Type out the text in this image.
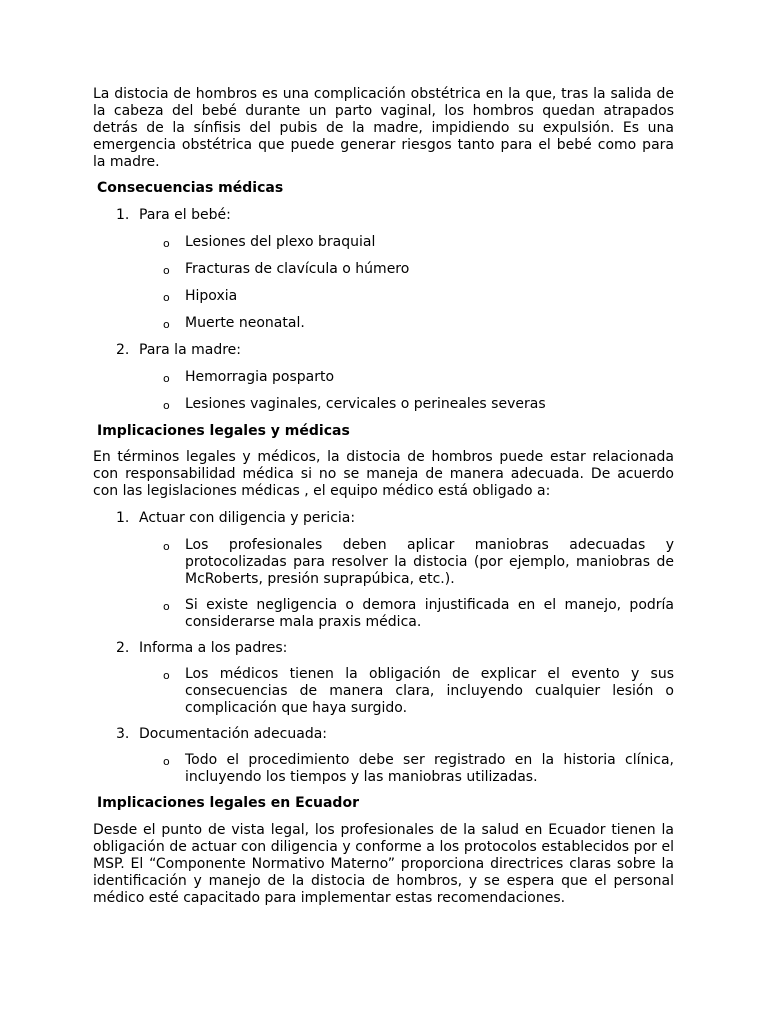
La distocia de hombros es una complicación obstétrica en la que, tras la salida de la cabeza del bebé durante un parto vaginal, los hombros quedan atrapados detrás de la sínfisis del pubis de la madre, impidiendo su expulsión. Es una emergencia obstétrica que puede generar riesgos tanto para el bebé como para la madre.

Consecuencias médicas

1. Para el bebé:

o Lesiones del plexo braquial

o Fracturas de clavícula o húmero

o Hipoxia

o Muerte neonatal.

2. Para la madre:

o Hemorragia posparto

o Lesiones vaginales, cervicales o perineales severas

Implicaciones legales y médicas

En términos legales y médicos, la distocia de hombros puede estar relacionada con responsabilidad médica si no se maneja de manera adecuada. De acuerdo con las legislaciones médicas , el equipo médico está obligado a:

1. Actuar con diligencia y pericia:

o Los profesionales deben aplicar maniobras adecuadas y protocolizadas para resolver la distocia (por ejemplo, maniobras de McRoberts, presión suprapúbica, etc.).

o Si existe negligencia o demora injustificada en el manejo, podría considerarse mala praxis médica.

2. Informa a los padres:

o Los médicos tienen la obligación de explicar el evento y sus consecuencias de manera clara, incluyendo cualquier lesión o complicación que haya surgido.

3. Documentación adecuada:

o Todo el procedimiento debe ser registrado en la historia clínica, incluyendo los tiempos y las maniobras utilizadas.

Implicaciones legales en Ecuador

Desde el punto de vista legal, los profesionales de la salud en Ecuador tienen la obligación de actuar con diligencia y conforme a los protocolos establecidos por el MSP. El “Componente Normativo Materno” proporciona directrices claras sobre la identificación y manejo de la distocia de hombros, y se espera que el personal médico esté capacitado para implementar estas recomendaciones.
